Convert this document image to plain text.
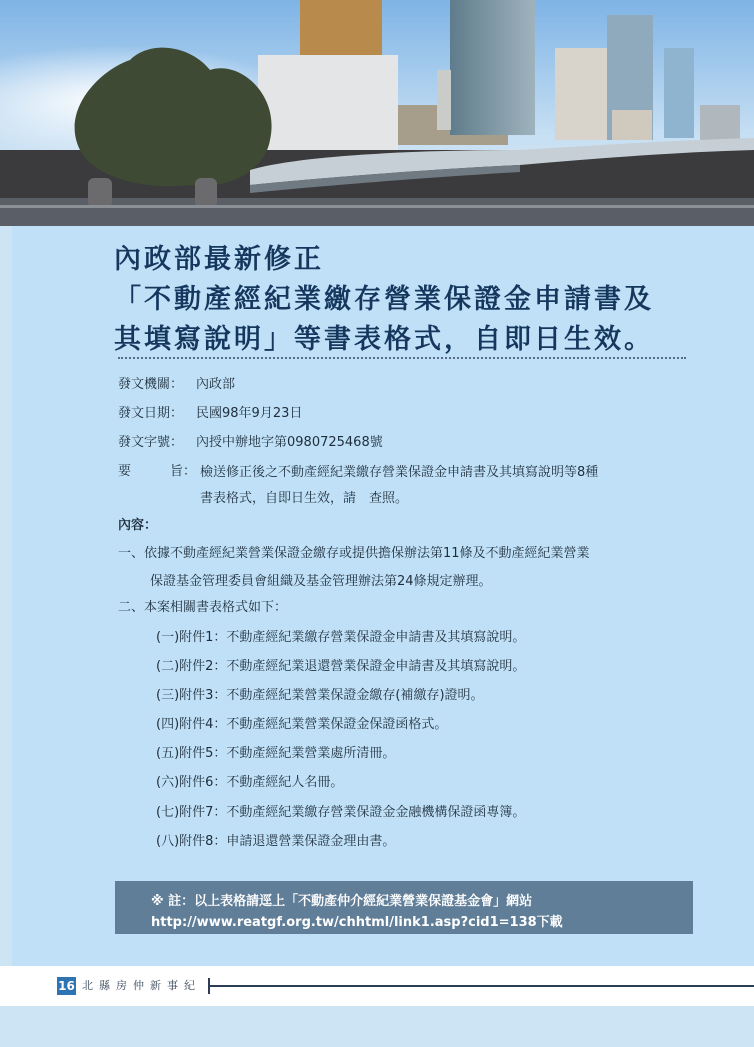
內政部最新修正
「不動產經紀業繳存營業保證金申請書及
其填寫說明」等書表格式，自即日生效。
發文機關： 內政部
發文日期： 民國98年9月23日
發文字號： 內授中辦地字第0980725468號
要	旨： 檢送修正後之不動產經紀業繳存營業保證金申請書及其填寫說明等8種
書表格式，自即日生效，請　查照。
內容：
一、依據不動產經紀業營業保證金繳存或提供擔保辦法第11條及不動產經紀業營業
保證基金管理委員會組織及基金管理辦法第24條規定辦理。
二、本案相關書表格式如下：
(一)附件1：不動產經紀業繳存營業保證金申請書及其填寫說明。
(二)附件2：不動產經紀業退還營業保證金申請書及其填寫說明。
(三)附件3：不動產經紀業營業保證金繳存(補繳存)證明。
(四)附件4：不動產經紀業營業保證金保證函格式。
(五)附件5：不動產經紀業營業處所清冊。
(六)附件6：不動產經紀人名冊。
(七)附件7：不動產經紀業繳存營業保證金金融機構保證函專簿。
(八)附件8：申請退還營業保證金理由書。
※ 註：以上表格請逕上「不動產仲介經紀業營業保證基金會」網站
http://www.reatgf.org.tw/chhtml/link1.asp?cid1=138下載
16 北縣房仲新事紀
